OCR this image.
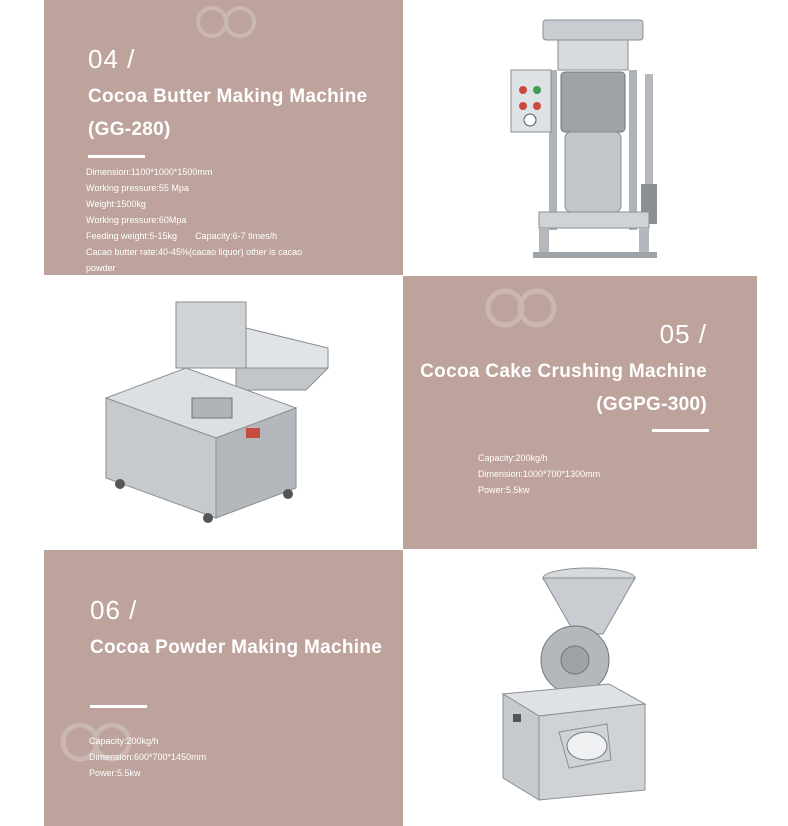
04 /
Cocoa Butter Making Machine
(GG-280)
Dimension:1100*1000*1500mm
Working pressure:55 Mpa
Weight:1500kg
Working pressure:60Mpa
Feeding weight:5-15kg Capacity:6-7 times/h
Cacao butter rate:40-45%(cacao liquor) other is cacao
powder
05 /
Cocoa Cake Crushing Machine
(GGPG-300)
Capacity:200kg/h
Dimension:1000*700*1300mm
Power:5.5kw
06 /
Cocoa Powder Making Machine
Capacity:200kg/h
Dimension:600*700*1450mm
Power:5.5kw
